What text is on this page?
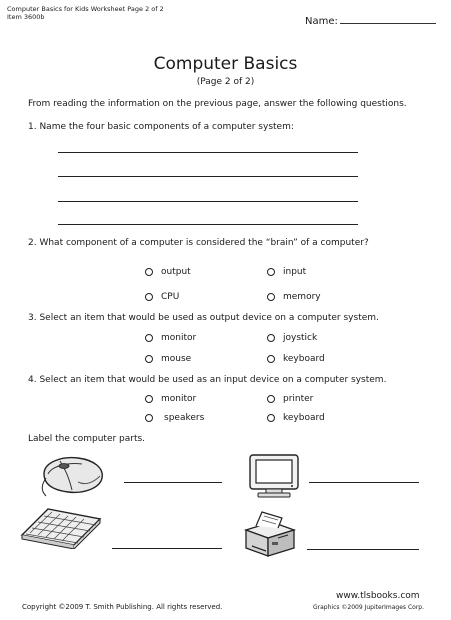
Computer Basics for Kids Worksheet Page 2 of 2
Item 3600b	Name:
Computer Basics
(Page 2 of 2)
From reading the information on the previous page, answer the following questions.
1. Name the four basic components of a computer system:
2. What component of a computer is considered the “brain” of a computer?
output	input
CPU	memory
3. Select an item that would be used as output device on a computer system.
monitor	joystick
mouse	keyboard
4. Select an item that would be used as an input device on a computer system.
monitor	printer
speakers	keyboard
Label the computer parts.
Copyright ©2009 T. Smith Publishing. All rights reserved.
www.tlsbooks.com
Graphics ©2009 JupiterImages Corp.
